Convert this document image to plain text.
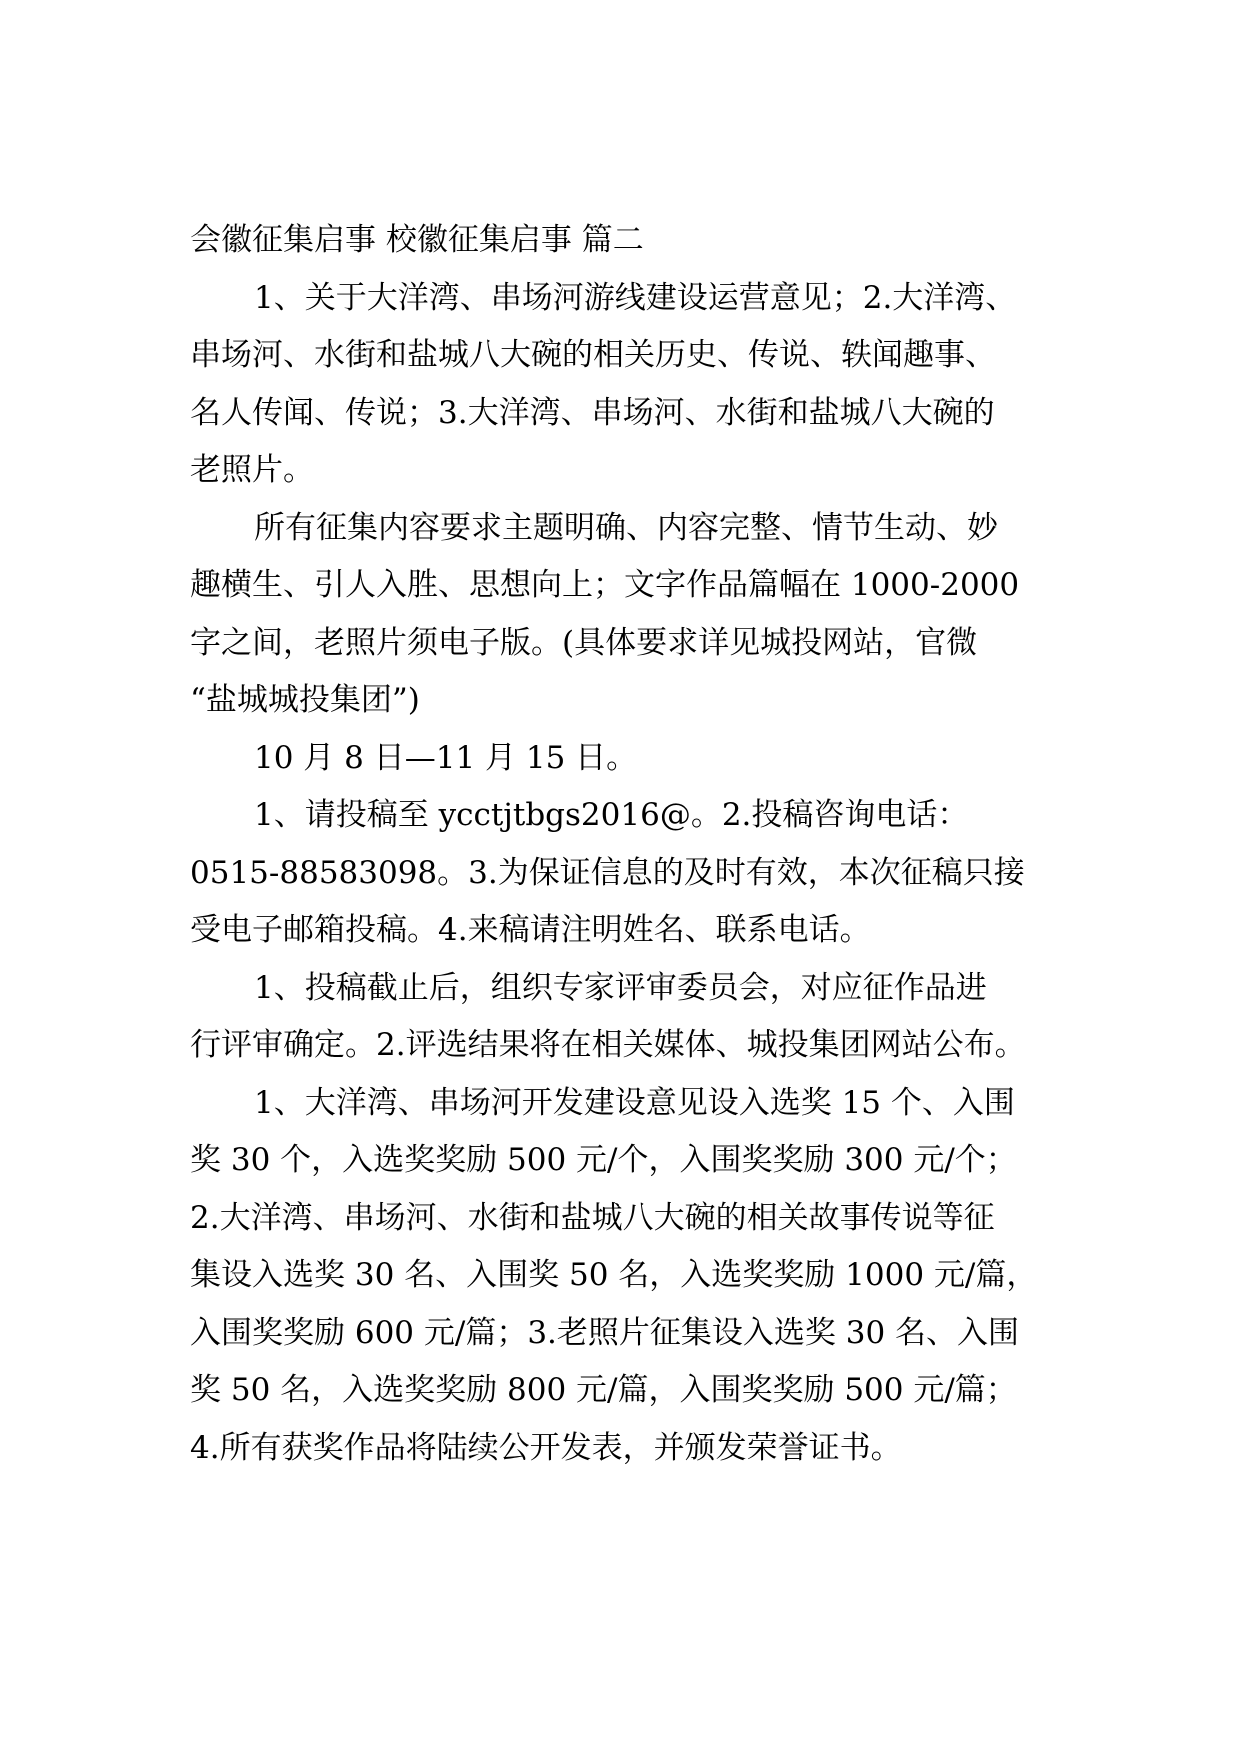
会徽征集启事 校徽征集启事 篇二
1、关于大洋湾、串场河游线建设运营意见；2.大洋湾、
串场河、水街和盐城八大碗的相关历史、传说、轶闻趣事、
名人传闻、传说；3.大洋湾、串场河、水街和盐城八大碗的
老照片。
所有征集内容要求主题明确、内容完整、情节生动、妙
趣横生、引人入胜、思想向上；文字作品篇幅在 1000-2000
字之间，老照片须电子版。(具体要求详见城投网站，官微
“盐城城投集团”)
10 月 8 日—11 月 15 日。
1、请投稿至 ycctjtbgs2016@。2.投稿咨询电话：
0515-88583098。3.为保证信息的及时有效，本次征稿只接
受电子邮箱投稿。4.来稿请注明姓名、联系电话。
1、投稿截止后，组织专家评审委员会，对应征作品进
行评审确定。2.评选结果将在相关媒体、城投集团网站公布。
1、大洋湾、串场河开发建设意见设入选奖 15 个、入围
奖 30 个，入选奖奖励 500 元/个，入围奖奖励 300 元/个；
2.大洋湾、串场河、水街和盐城八大碗的相关故事传说等征
集设入选奖 30 名、入围奖 50 名，入选奖奖励 1000 元/篇，
入围奖奖励 600 元/篇；3.老照片征集设入选奖 30 名、入围
奖 50 名，入选奖奖励 800 元/篇，入围奖奖励 500 元/篇；
4.所有获奖作品将陆续公开发表，并颁发荣誉证书。
